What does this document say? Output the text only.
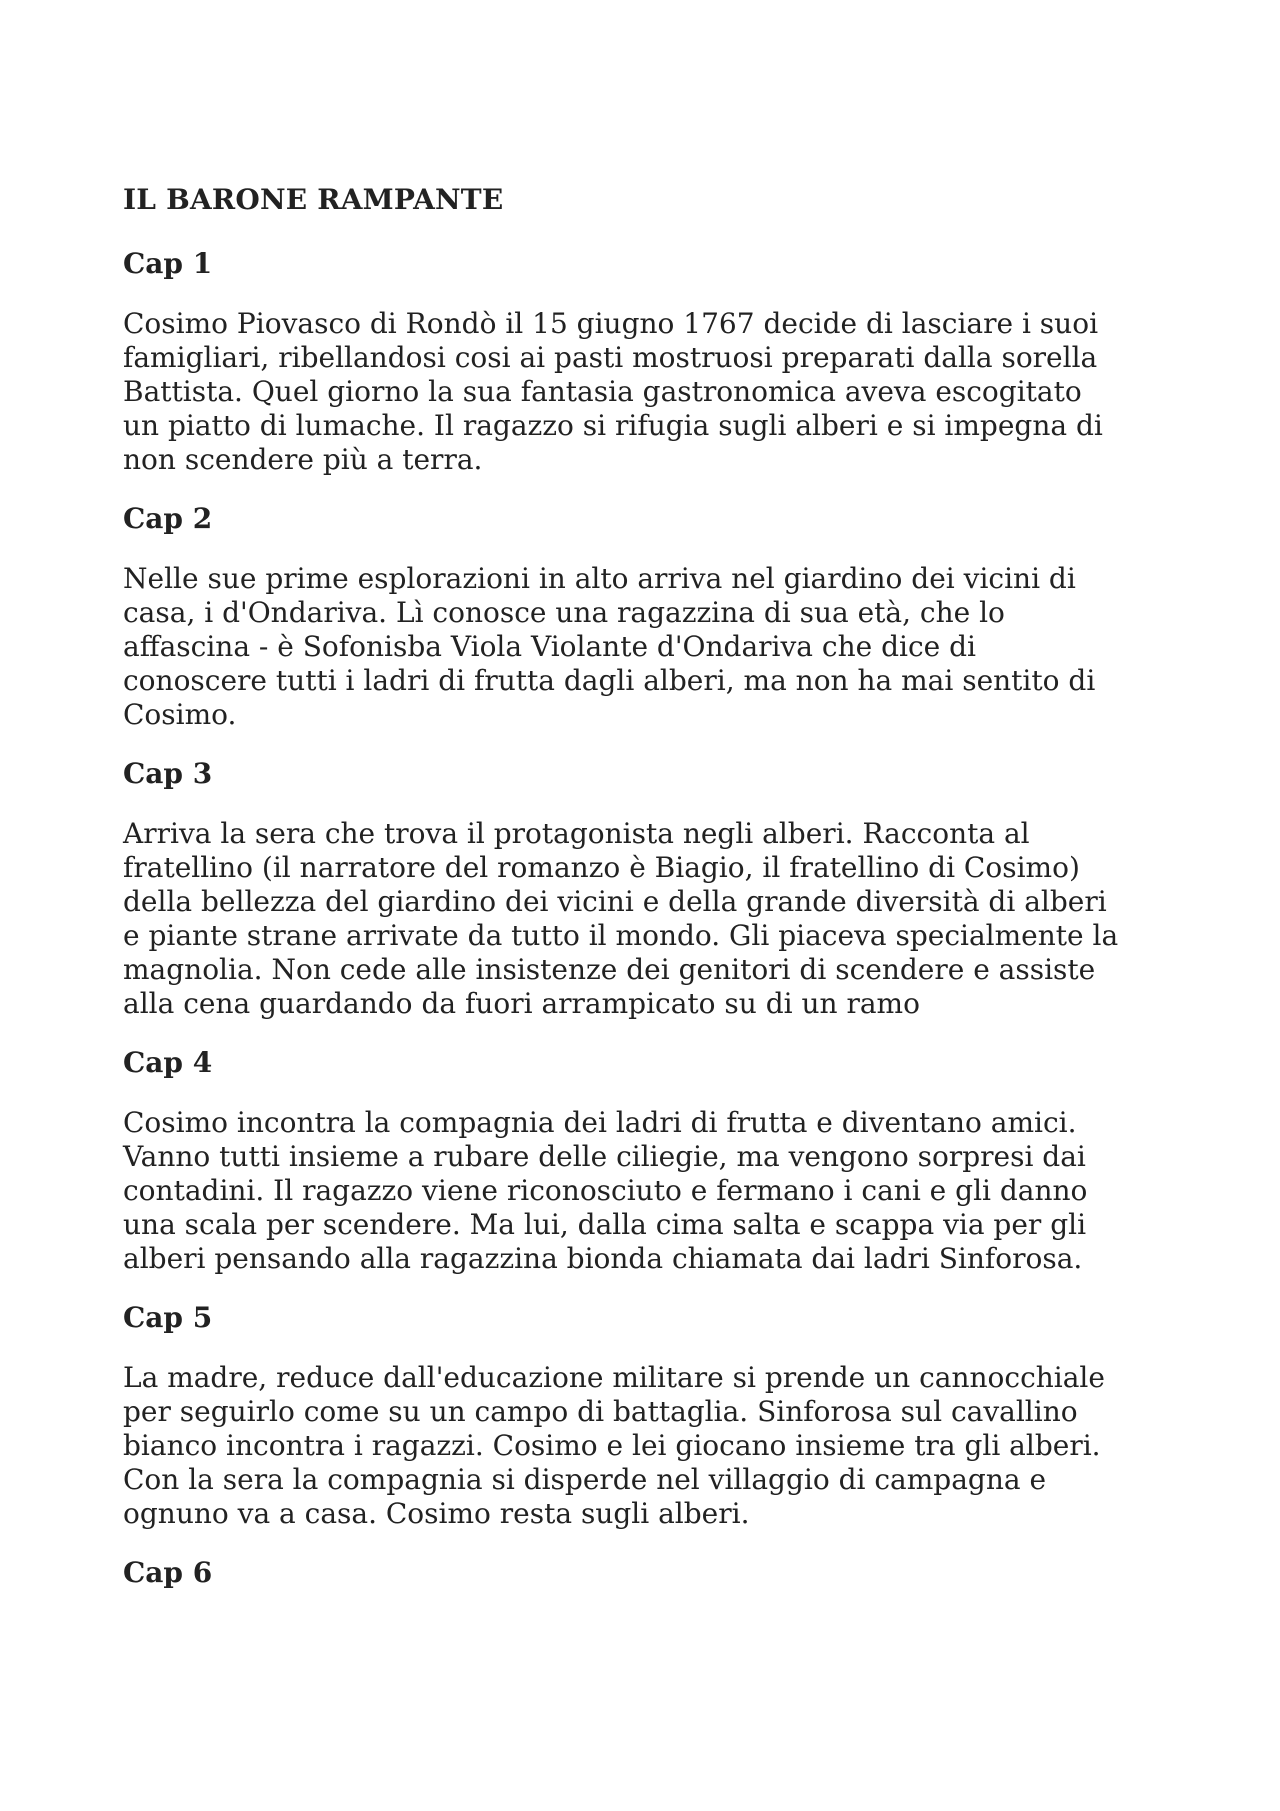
IL BARONE RAMPANTE
Cap 1

Cosimo Piovasco di Rondò il 15 giugno 1767 decide di lasciare i suoi
famigliari, ribellandosi cosi ai pasti mostruosi preparati dalla sorella
Battista. Quel giorno la sua fantasia gastronomica aveva escogitato
un piatto di lumache. Il ragazzo si rifugia sugli alberi e si impegna di
non scendere più a terra.

Cap 2

Nelle sue prime esplorazioni in alto arriva nel giardino dei vicini di
casa, i d'Ondariva. Lì conosce una ragazzina di sua età, che lo
affascina - è Sofonisba Viola Violante d'Ondariva che dice di
conoscere tutti i ladri di frutta dagli alberi, ma non ha mai sentito di
Cosimo.

Cap 3

Arriva la sera che trova il protagonista negli alberi. Racconta al
fratellino (il narratore del romanzo è Biagio, il fratellino di Cosimo)
della bellezza del giardino dei vicini e della grande diversità di alberi
e piante strane arrivate da tutto il mondo. Gli piaceva specialmente la
magnolia. Non cede alle insistenze dei genitori di scendere e assiste
alla cena guardando da fuori arrampicato su di un ramo

Cap 4

Cosimo incontra la compagnia dei ladri di frutta e diventano amici.
Vanno tutti insieme a rubare delle ciliegie, ma vengono sorpresi dai
contadini. Il ragazzo viene riconosciuto e fermano i cani e gli danno
una scala per scendere. Ma lui, dalla cima salta e scappa via per gli
alberi pensando alla ragazzina bionda chiamata dai ladri Sinforosa.

Cap 5

La madre, reduce dall'educazione militare si prende un cannocchiale
per seguirlo come su un campo di battaglia. Sinforosa sul cavallino
bianco incontra i ragazzi. Cosimo e lei giocano insieme tra gli alberi.
Con la sera la compagnia si disperde nel villaggio di campagna e
ognuno va a casa. Cosimo resta sugli alberi.

Cap 6
